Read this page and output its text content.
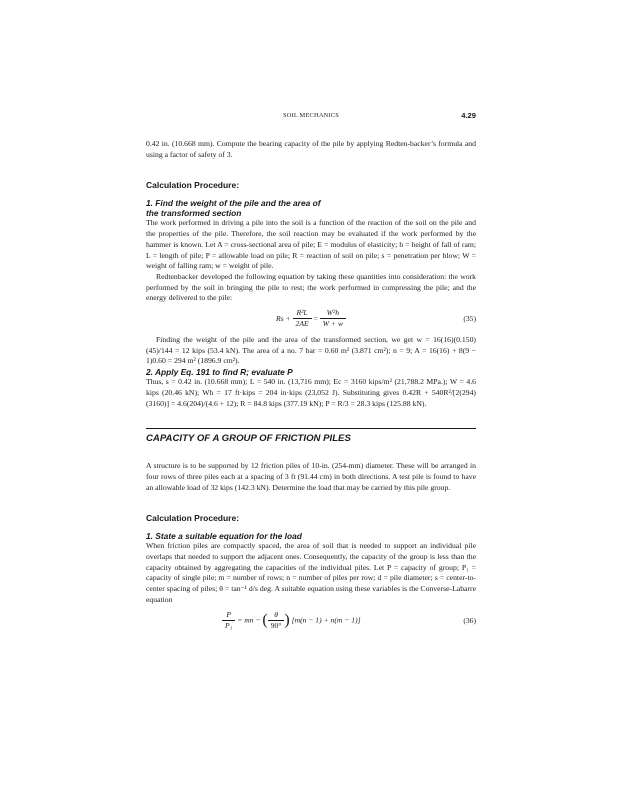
SOIL MECHANICS	4.29

0.42 in. (10.668 mm). Compute the bearing capacity of the pile by applying Redten-backer’s formula and using a factor of safety of 3.

Calculation Procedure:
1. Find the weight of the pile and the area of
the transformed section

The work performed in driving a pile into the soil is a function of the reaction of the soil on the pile and the properties of the pile. Therefore, the soil reaction may be evaluated if the work performed by the hammer is known. Let A = cross-sectional area of pile; E = modulus of elasticity; h = height of fall of ram; L = length of pile; P = allowable load on pile; R = reaction of soil on pile; s = penetration per blow; W = weight of falling ram; w = weight of pile.

Redtenbacker developed the following equation by taking these quantities into consideration: the work performed by the soil in bringing the pile to rest; the work performed in compressing the pile; and the energy delivered to the pile:

$Rs + \frac{\text{R²L}}{2AE} = \frac{\text{W²h}}{W + w}$	(35)

Finding the weight of the pile and the area of the transformed section, we get w = 16(16)(0.150)(45)/144 = 12 kips (53.4 kN). The area of a no. 7 bar = 0.60 m² (3.871 cm²); n = 9; A = 16(16) + 8(9 − 1)0.60 = 294 m² (1896.9 cm²).

2. Apply Eq. 191 to find R; evaluate P

Thus, s = 0.42 in. (10.668 mm); L = 540 in. (13,716 mm); Ec = 3160 kips/m² (21,788.2 MPa.); W = 4.6 kips (20.46 kN); Wh = 17 ft·kips = 204 in·kips (23,052 J). Substituting gives 0.42R + 540R²/[2(294)(3160)] = 4.6(204)/(4.6 + 12); R = 84.8 kips (377.19 kN); P = R/3 = 28.3 kips (125.88 kN).

CAPACITY OF A GROUP OF FRICTION PILES

A structure is to be supported by 12 friction piles of 10-in. (254-mm) diameter. These will be arranged in four rows of three piles each at a spacing of 3 ft (91.44 cm) in both directions. A test pile is found to have an allowable load of 32 kips (142.3 kN). Determine the load that may be carried by this pile group.

Calculation Procedure:
1. State a suitable equation for the load

When friction piles are compactly spaced, the area of soil that is needed to support an individual pile overlaps that needed to support the adjacent ones. Consequently, the capacity of the group is less than the capacity obtained by aggregating the capacities of the individual piles. Let P = capacity of group; P₁ = capacity of single pile; m = number of rows; n = number of piles per row; d = pile diameter; s = center-to-center spacing of piles; θ = tan⁻¹ d/s deg. A suitable equation using these variables is the Converse-Labarre equation

$\frac{P}{\text{P₁}}$ = mn − ( $\frac{\theta}{90^\circ}$ ) [m(n − 1) + n(m − 1)]	(36)
